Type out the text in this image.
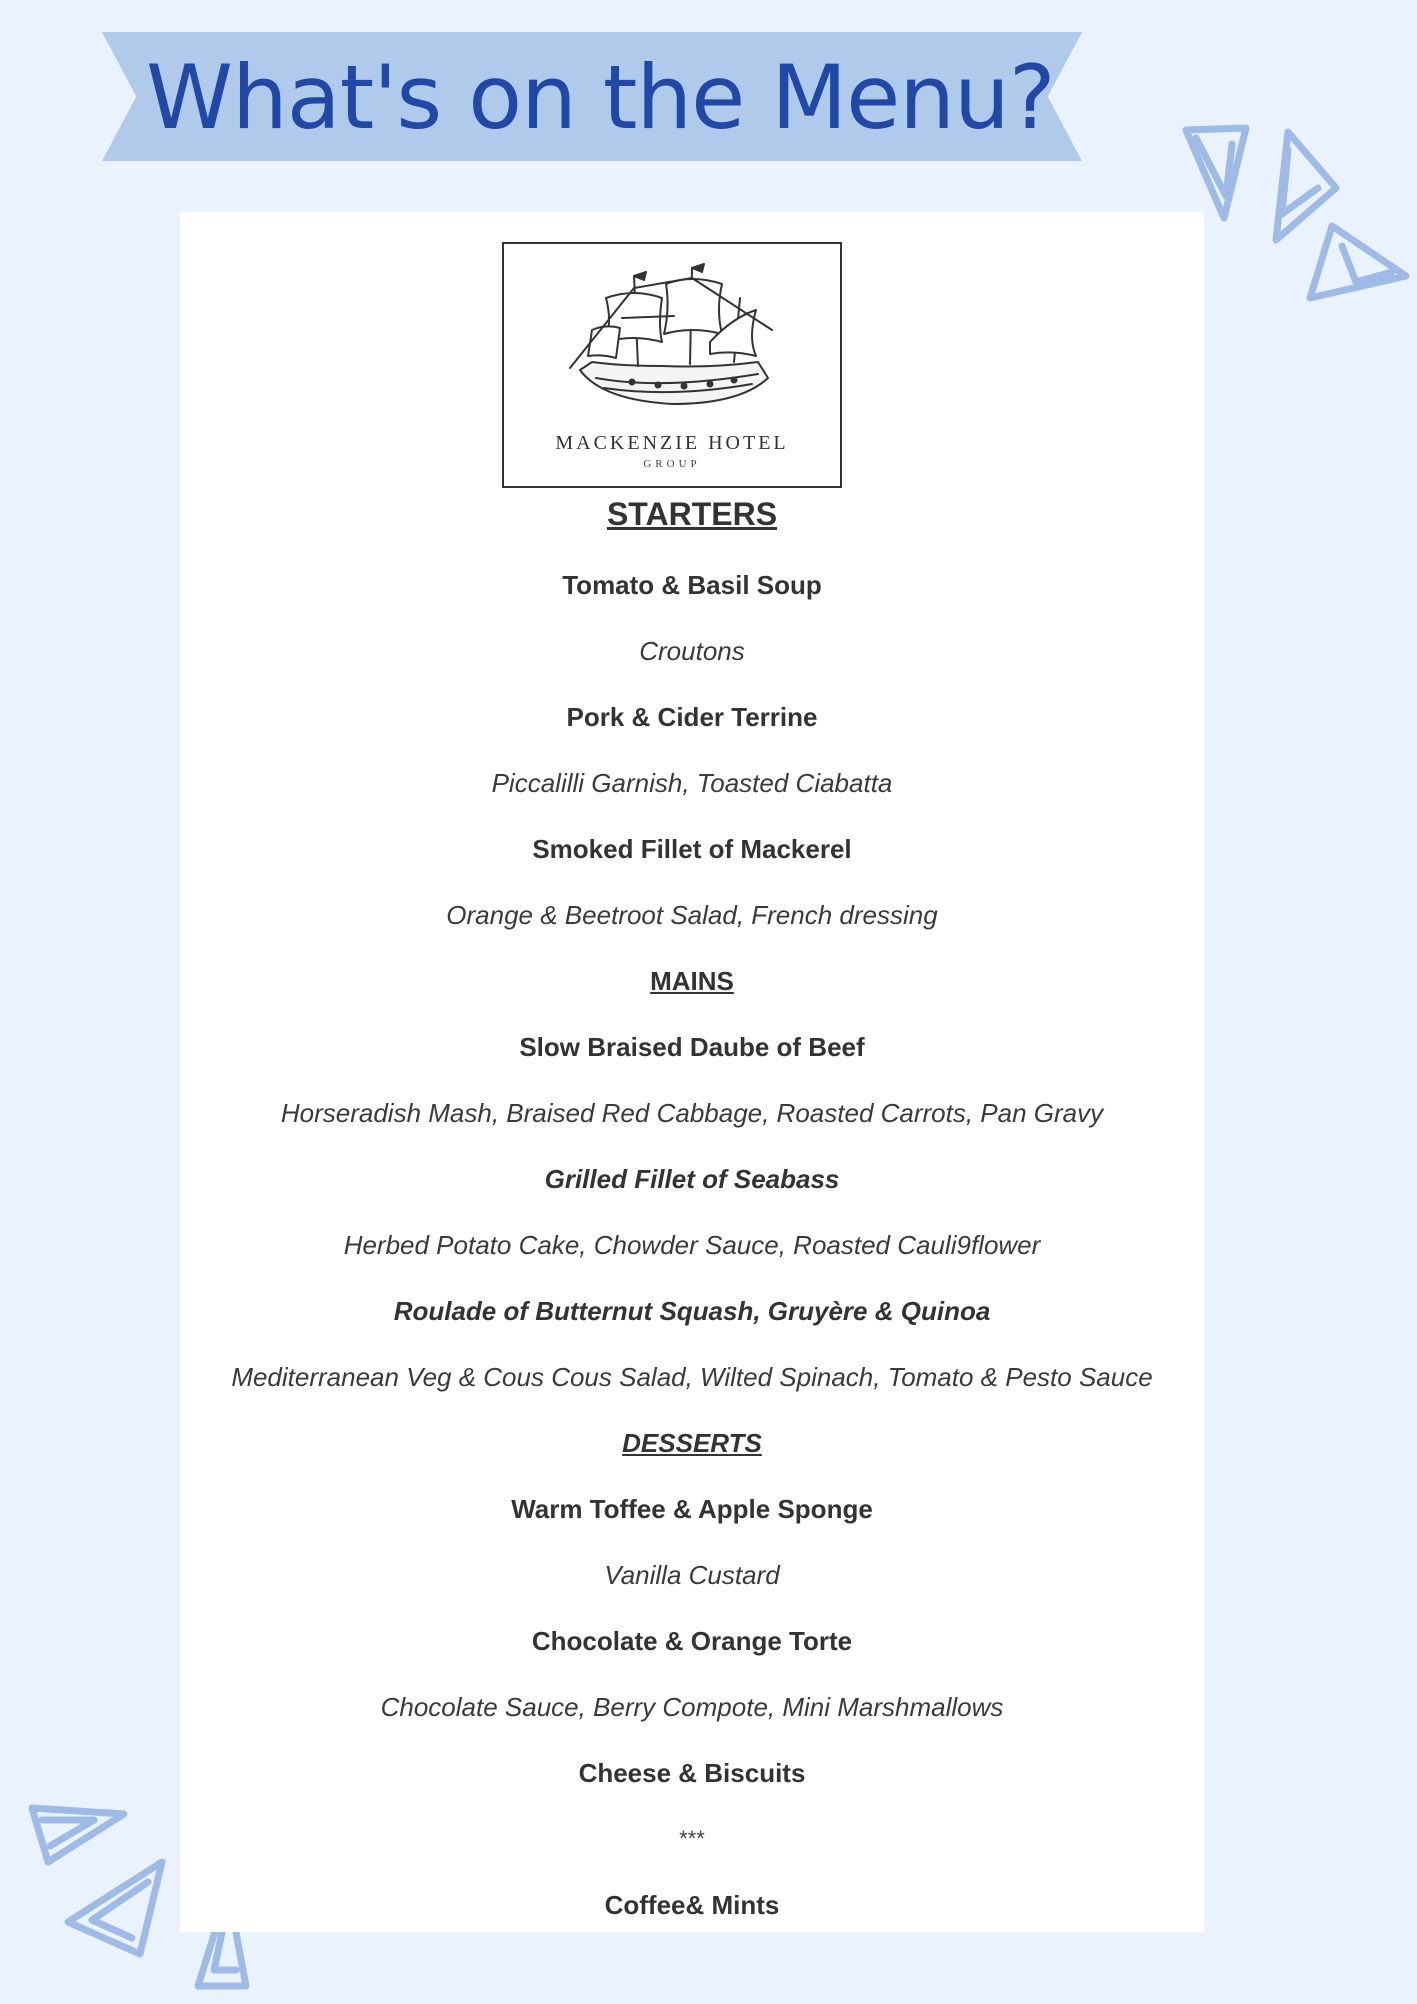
What's on the Menu?
MACKENZIE HOTEL
GROUP
STARTERS
Tomato & Basil Soup
Croutons
Pork & Cider Terrine
Piccalilli Garnish, Toasted Ciabatta
Smoked Fillet of Mackerel
Orange & Beetroot Salad, French dressing
MAINS
Slow Braised Daube of Beef
Horseradish Mash, Braised Red Cabbage, Roasted Carrots, Pan Gravy
Grilled Fillet of Seabass
Herbed Potato Cake, Chowder Sauce, Roasted Cauli9flower
Roulade of Butternut Squash, Gruyère & Quinoa
Mediterranean Veg & Cous Cous Salad, Wilted Spinach, Tomato & Pesto Sauce
DESSERTS
Warm Toffee & Apple Sponge
Vanilla Custard
Chocolate & Orange Torte
Chocolate Sauce, Berry Compote, Mini Marshmallows
Cheese & Biscuits
***
Coffee& Mints
